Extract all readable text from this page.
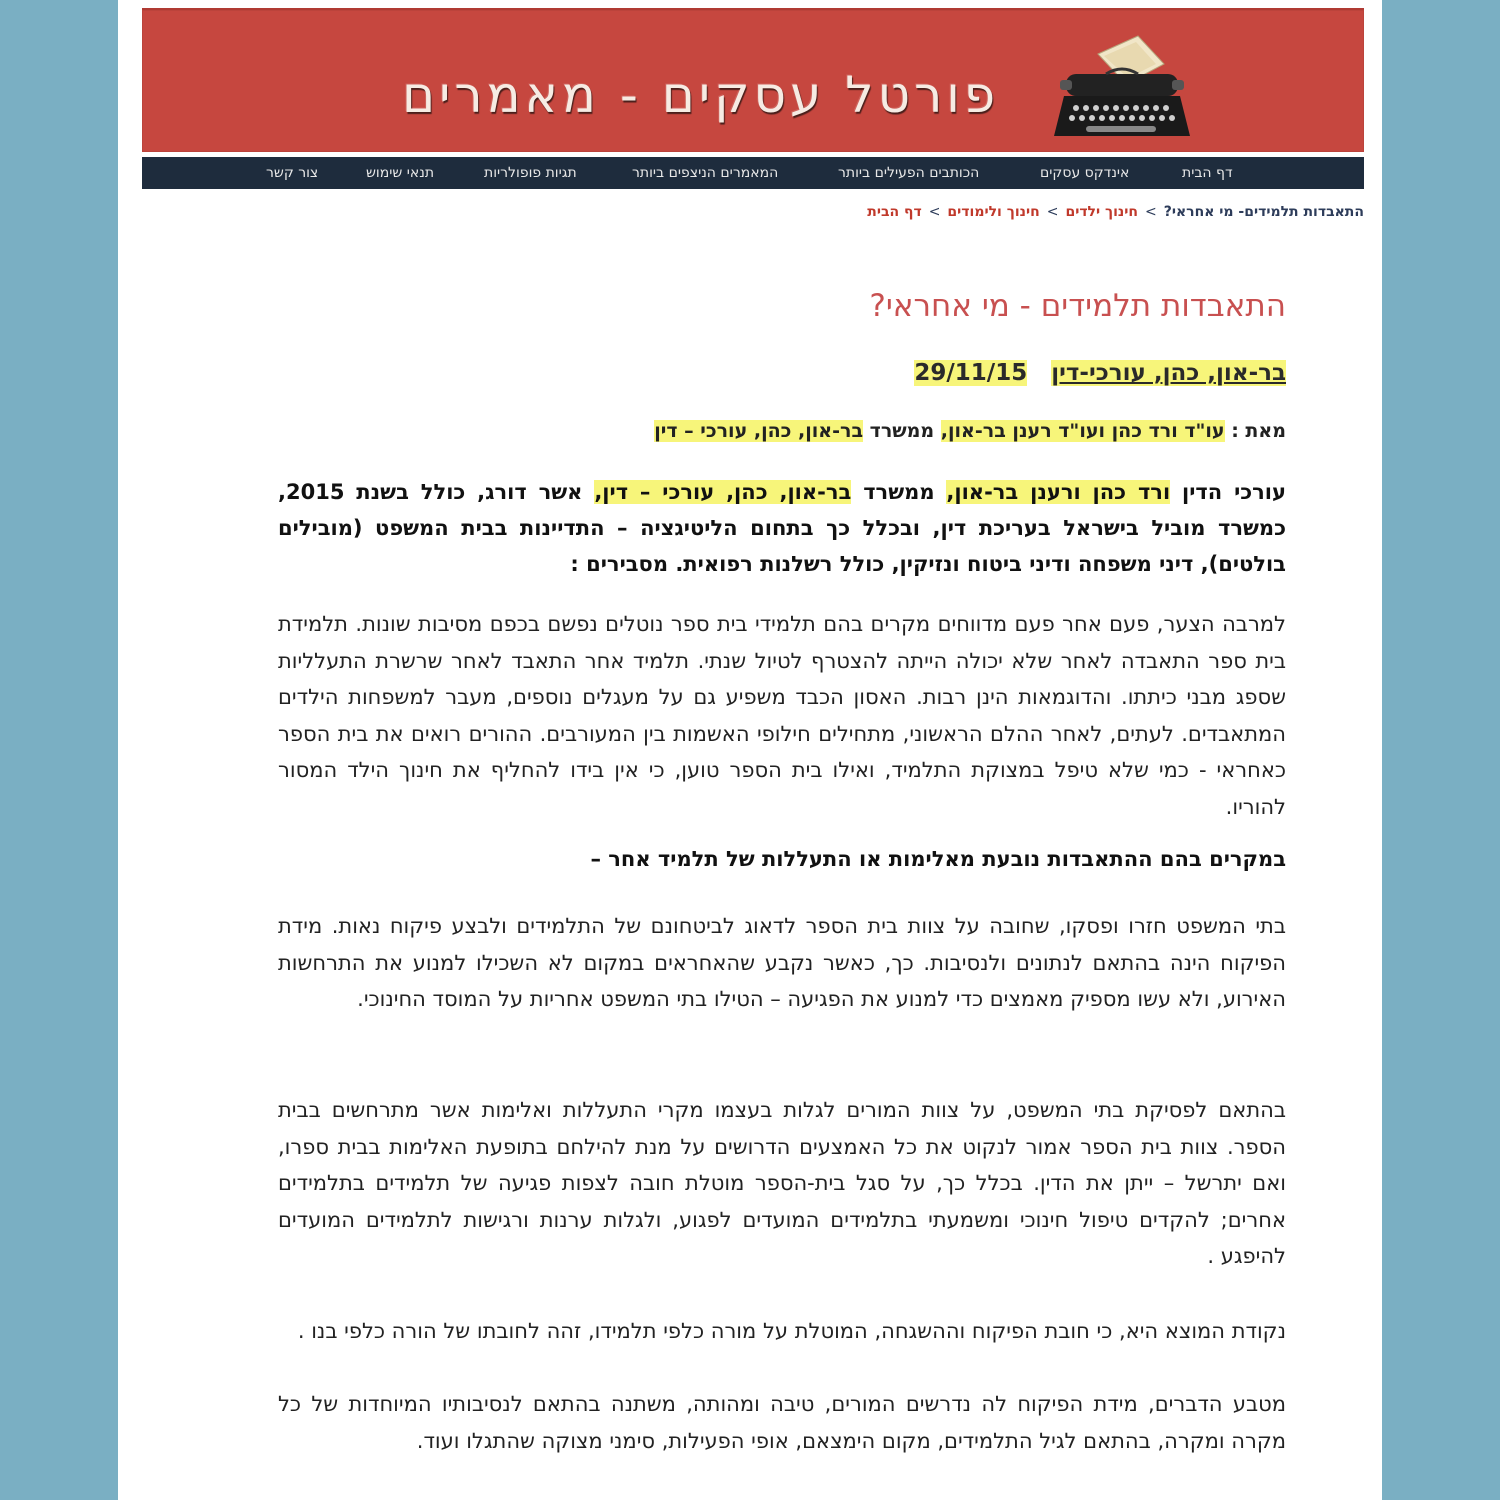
פורטל עסקים - מאמרים
דף הבית
אינדקס עסקים
הכותבים הפעילים ביותר
המאמרים הניצפים ביותר
תגיות פופולריות
תנאי שימוש
צור קשר
דף הבית > חינוך ולימודים > חינוך ילדים > התאבדות תלמידים- מי אחראי?
התאבדות תלמידים - מי אחראי?
בר-און, כהן, עורכי-דין   29/11/15
מאת : עו"ד ורד כהן ועו"ד רענן בר-און, ממשרד בר-און, כהן, עורכי – דין
עורכי הדין ורד כהן ורענן בר-און, ממשרד בר-און, כהן, עורכי – דין, אשר דורג, כולל בשנת 2015, כמשרד מוביל בישראל בעריכת דין, ובכלל כך בתחום הליטיגציה – התדיינות בבית המשפט (מובילים בולטים), דיני משפחה ודיני ביטוח ונזיקין, כולל רשלנות רפואית. מסבירים :

למרבה הצער, פעם אחר פעם מדווחים מקרים בהם תלמידי בית ספר נוטלים נפשם בכפם מסיבות שונות. תלמידת בית ספר התאבדה לאחר שלא יכולה הייתה להצטרף לטיול שנתי. תלמיד אחר התאבד לאחר שרשרת התעלליות שספג מבני כיתתו. והדוגמאות הינן רבות. האסון הכבד משפיע גם על מעגלים נוספים, מעבר למשפחות הילדים המתאבדים. לעתים, לאחר ההלם הראשוני, מתחילים חילופי האשמות בין המעורבים. ההורים רואים את בית הספר כאחראי - כמי שלא טיפל במצוקת התלמיד, ואילו בית הספר טוען, כי אין בידו להחליף את חינוך הילד המסור להוריו.

במקרים בהם ההתאבדות נובעת מאלימות או התעללות של תלמיד אחר –

בתי המשפט חזרו ופסקו, שחובה על צוות בית הספר לדאוג לביטחונם של התלמידים ולבצע פיקוח נאות. מידת הפיקוח הינה בהתאם לנתונים ולנסיבות. כך, כאשר נקבע שהאחראים במקום לא השכילו למנוע את התרחשות האירוע, ולא עשו מספיק מאמצים כדי למנוע את הפגיעה – הטילו בתי המשפט אחריות על המוסד החינוכי.

בהתאם לפסיקת בתי המשפט, על צוות המורים לגלות בעצמו מקרי התעללות ואלימות אשר מתרחשים בבית הספר. צוות בית הספר אמור לנקוט את כל האמצעים הדרושים על מנת להילחם בתופעת האלימות בבית ספרו, ואם יתרשל – ייתן את הדין. בכלל כך, על סגל בית-הספר מוטלת חובה לצפות פגיעה של תלמידים בתלמידים אחרים; להקדים טיפול חינוכי ומשמעתי בתלמידים המועדים לפגוע, ולגלות ערנות ורגישות לתלמידים המועדים להיפגע .

נקודת המוצא היא, כי חובת הפיקוח וההשגחה, המוטלת על מורה כלפי תלמידו, זהה לחובתו של הורה כלפי בנו .

מטבע הדברים, מידת הפיקוח לה נדרשים המורים, טיבה ומהותה, משתנה בהתאם לנסיבותיו המיוחדות של כל מקרה ומקרה, בהתאם לגיל התלמידים, מקום הימצאם, אופי הפעילות, סימני מצוקה שהתגלו ועוד.
